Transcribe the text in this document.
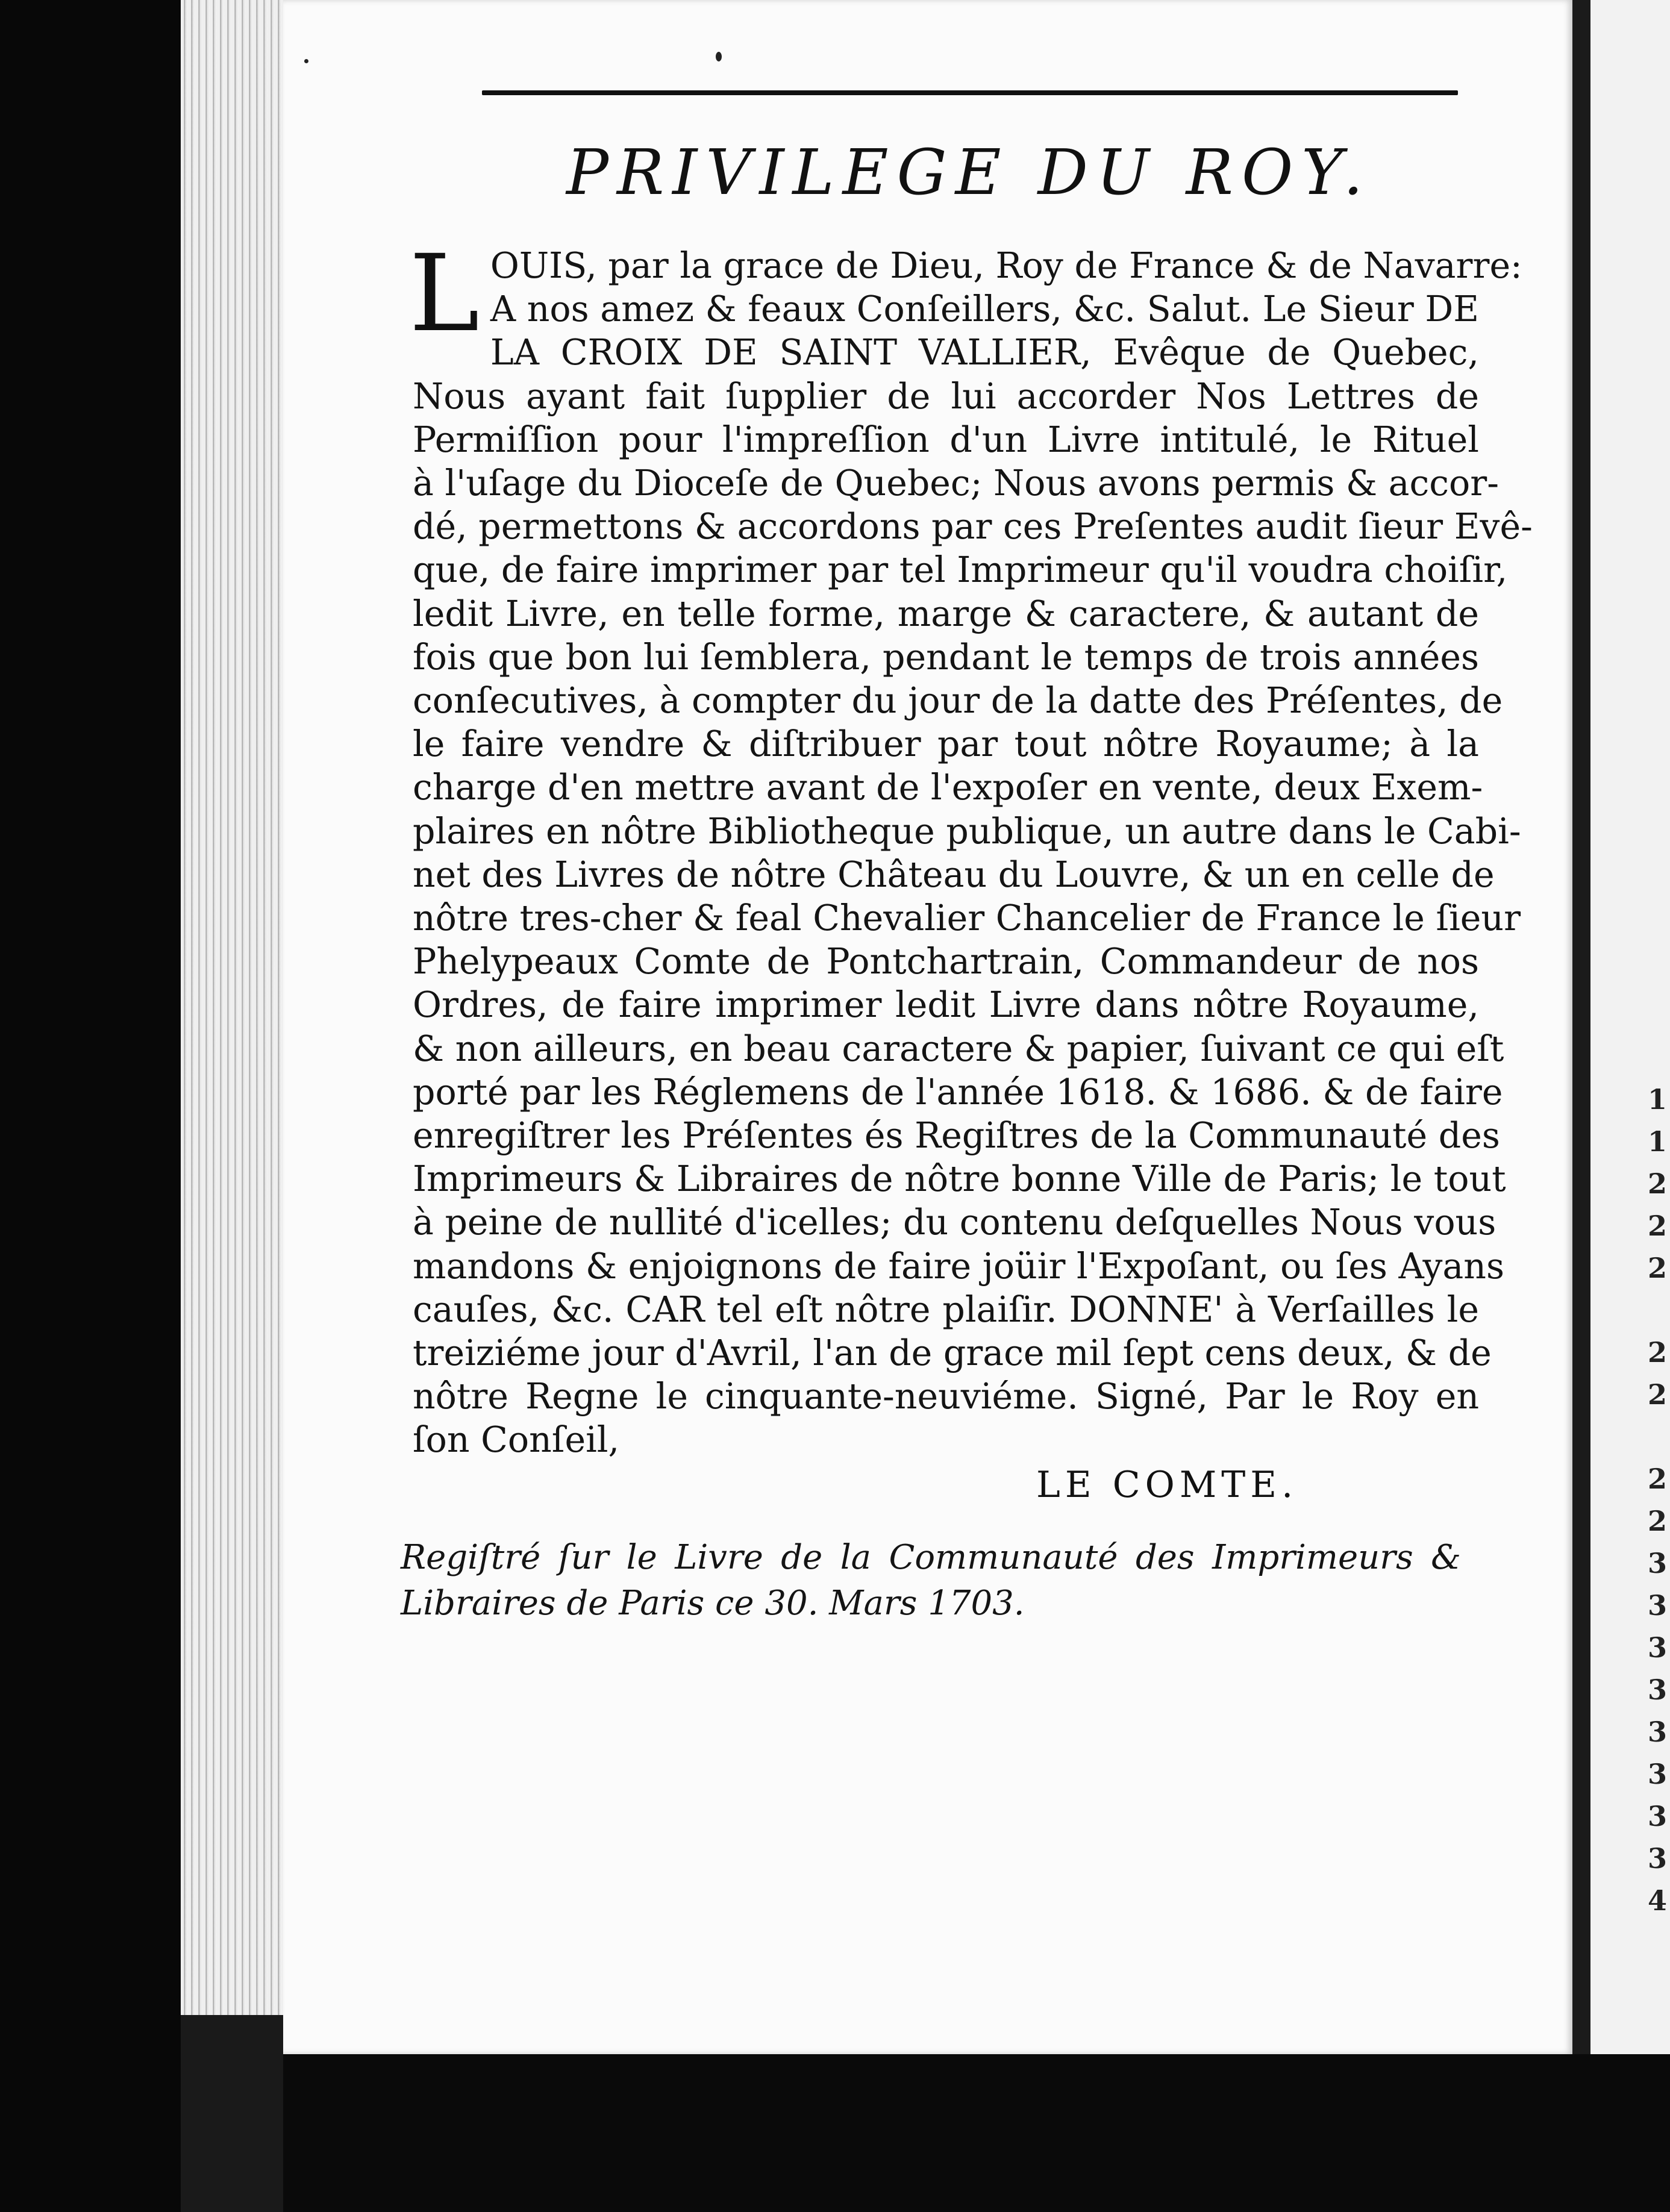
PRIVILEGE DU ROY.
L OUIS, par la grace de Dieu, Roy de France & de Navarre:
A nos amez & feaux Conſeillers, &c. Salut. Le Sieur DE
LA CROIX DE SAINT VALLIER, Evêque de Quebec,
Nous ayant fait ſupplier de lui accorder Nos Lettres de
Permiſſion pour l'impreſſion d'un Livre intitulé, le Rituel
à l'uſage du Dioceſe de Quebec; Nous avons permis & accor-
dé, permettons & accordons par ces Preſentes audit ſieur Evê-
que, de faire imprimer par tel Imprimeur qu'il voudra choiſir,
ledit Livre, en telle forme, marge & caractere, & autant de
fois que bon lui ſemblera, pendant le temps de trois années
conſecutives, à compter du jour de la datte des Préſentes, de
le faire vendre & diſtribuer par tout nôtre Royaume; à la
charge d'en mettre avant de l'expoſer en vente, deux Exem-
plaires en nôtre Bibliotheque publique, un autre dans le Cabi-
net des Livres de nôtre Château du Louvre, & un en celle de
nôtre tres-cher & feal Chevalier Chancelier de France le ſieur
Phelypeaux Comte de Pontchartrain, Commandeur de nos
Ordres, de faire imprimer ledit Livre dans nôtre Royaume,
& non ailleurs, en beau caractere & papier, ſuivant ce qui eſt
porté par les Réglemens de l'année 1618. & 1686. & de faire
enregiſtrer les Préſentes és Regiſtres de la Communauté des
Imprimeurs & Libraires de nôtre bonne Ville de Paris; le tout
à peine de nullité d'icelles; du contenu deſquelles Nous vous
mandons & enjoignons de faire joüir l'Expoſant, ou ſes Ayans
cauſes, &c. CAR tel eſt nôtre plaiſir. DONNE' à Verſailles le
treiziéme jour d'Avril, l'an de grace mil ſept cens deux, & de
nôtre Regne le cinquante-neuviéme. Signé, Par le Roy en
ſon Conſeil,
LE COMTE.
Regiſtré ſur le Livre de la Communauté des Imprimeurs &
Libraires de Paris ce 30. Mars 1703.
1
1
2
2
2
2
2
2
2
3
3
3
3
3
3
3
3
4
